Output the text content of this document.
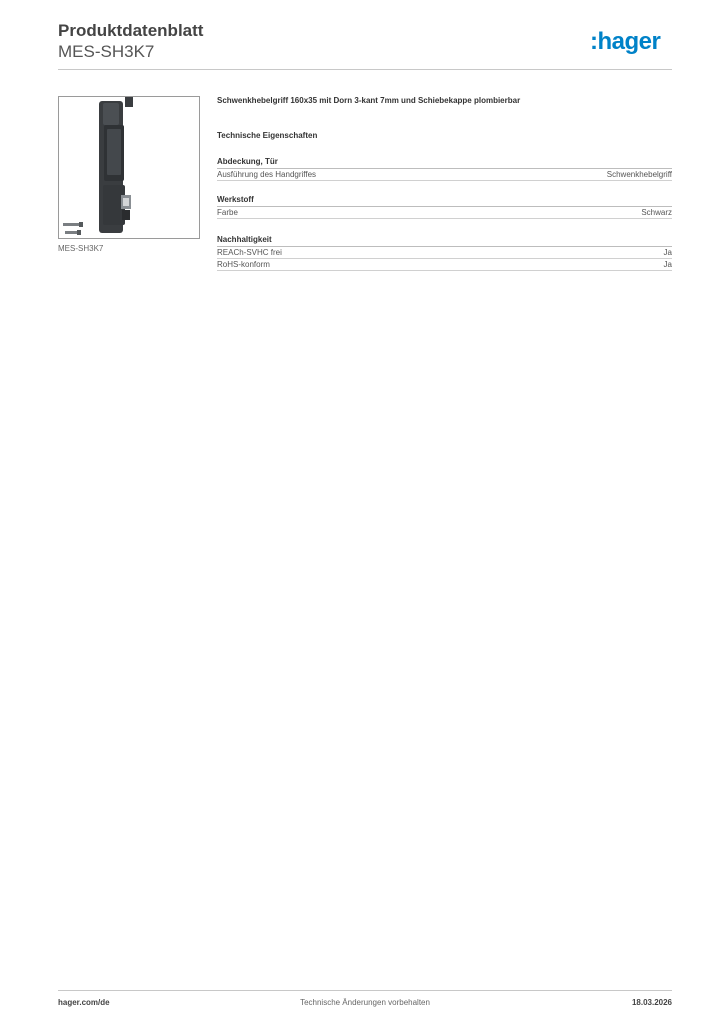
Produktdatenblatt
MES-SH3K7	:hager
MES-SH3K7
Schwenkhebelgriff 160x35 mit Dorn 3-kant 7mm und Schiebekappe plombierbar
Technische Eigenschaften
Abdeckung, Tür
Ausführung des Handgriffes	Schwenkhebelgriff
Werkstoff
Farbe	Schwarz
Nachhaltigkeit
REACh-SVHC frei	Ja
RoHS-konform	Ja
hager.com/de	Technische Änderungen vorbehalten	18.03.2026
